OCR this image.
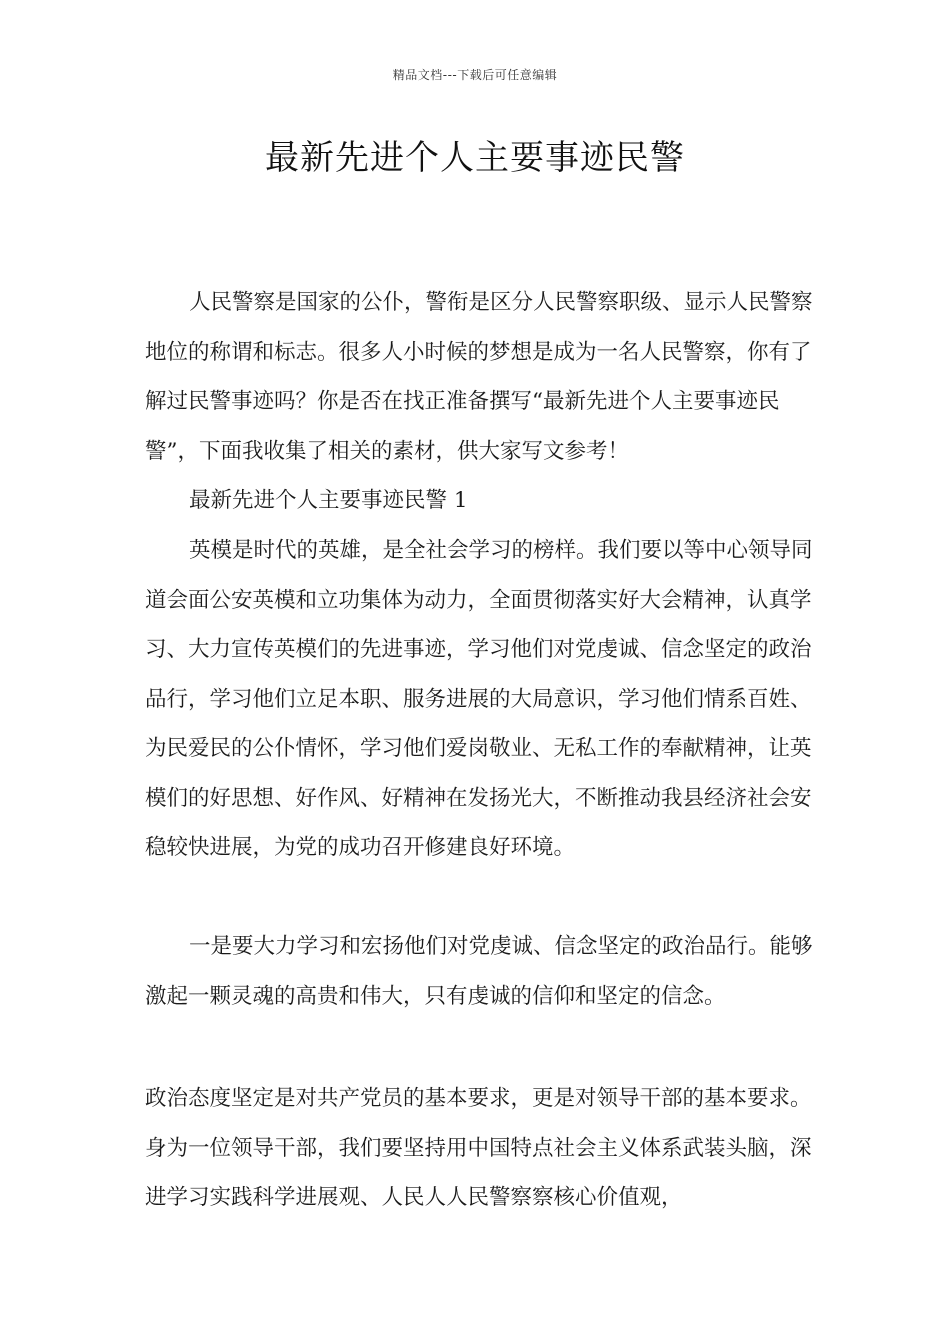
精品文档---下载后可任意编辑
最新先进个人主要事迹民警

人民警察是国家的公仆，警衔是区分人民警察职级、显示人民警察地位的称谓和标志。很多人小时候的梦想是成为一名人民警察，你有了解过民警事迹吗？你是否在找正准备撰写“最新先进个人主要事迹民警”，下面我收集了相关的素材，供大家写文参考！

最新先进个人主要事迹民警 1

英模是时代的英雄，是全社会学习的榜样。我们要以等中心领导同道会面公安英模和立功集体为动力，全面贯彻落实好大会精神，认真学习、大力宣传英模们的先进事迹，学习他们对党虔诚、信念坚定的政治品行，学习他们立足本职、服务进展的大局意识，学习他们情系百姓、为民爱民的公仆情怀，学习他们爱岗敬业、无私工作的奉献精神，让英模们的好思想、好作风、好精神在发扬光大，不断推动我县经济社会安稳较快进展，为党的成功召开修建良好环境。

一是要大力学习和宏扬他们对党虔诚、信念坚定的政治品行。能够激起一颗灵魂的高贵和伟大，只有虔诚的信仰和坚定的信念。

政治态度坚定是对共产党员的基本要求，更是对领导干部的基本要求。身为一位领导干部，我们要坚持用中国特点社会主义体系武装头脑，深进学习实践科学进展观、人民人人民警察察核心价值观，
